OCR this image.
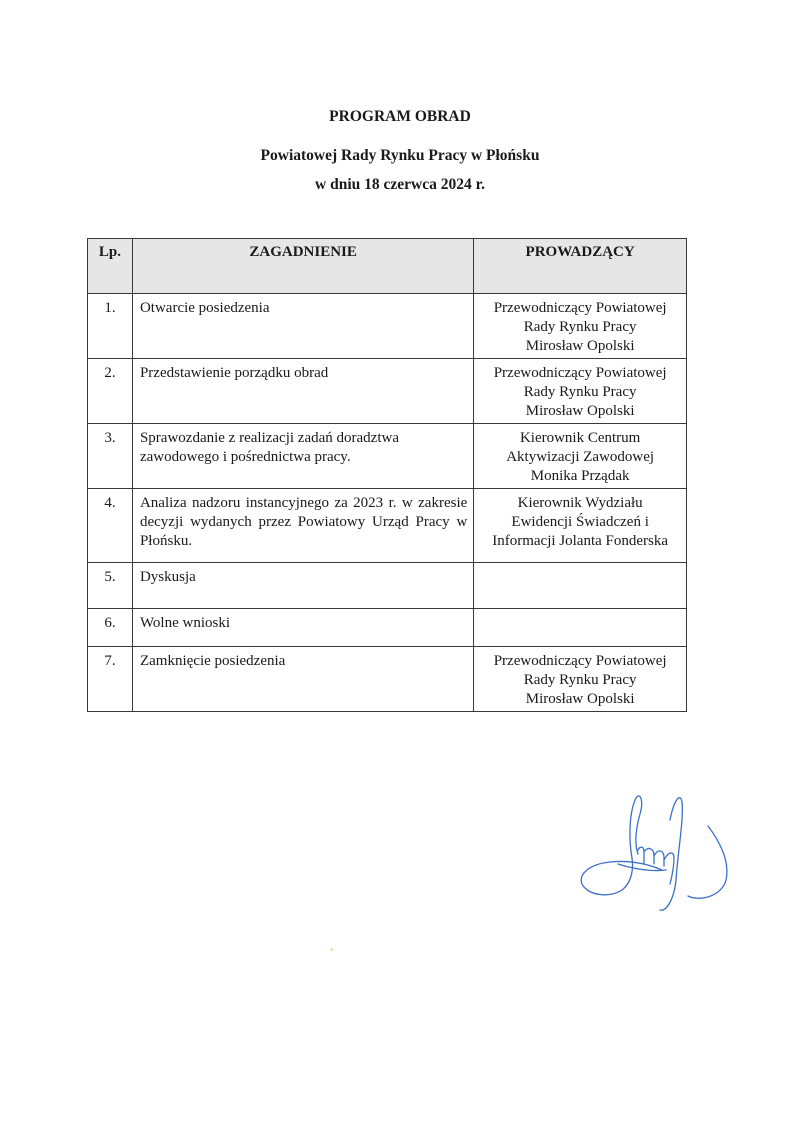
PROGRAM OBRAD
Powiatowej Rady Rynku Pracy w Płońsku
w dniu 18 czerwca 2024 r.
Lp.	ZAGADNIENIE	PROWADZĄCY
1.	Otwarcie posiedzenia	Przewodniczący Powiatowej
Rady Rynku Pracy
Mirosław Opolski

2.	Przedstawienie porządku obrad	Przewodniczący Powiatowej
Rady Rynku Pracy
Mirosław Opolski

3.	Sprawozdanie z realizacji zadań doradztwa zawodowego i pośrednictwa pracy.	Kierownik Centrum
Aktywizacji Zawodowej
Monika Prządak

4.	Analiza nadzoru instancyjnego za 2023 r. w zakresie decyzji wydanych przez Powiatowy Urząd Pracy w Płońsku.	Kierownik Wydziału
Ewidencji Świadczeń i
Informacji Jolanta Fonderska

5.	Dyskusja	
6.	Wolne wnioski	
7.	Zamknięcie posiedzenia	Przewodniczący Powiatowej
Rady Rynku Pracy
Mirosław Opolski
